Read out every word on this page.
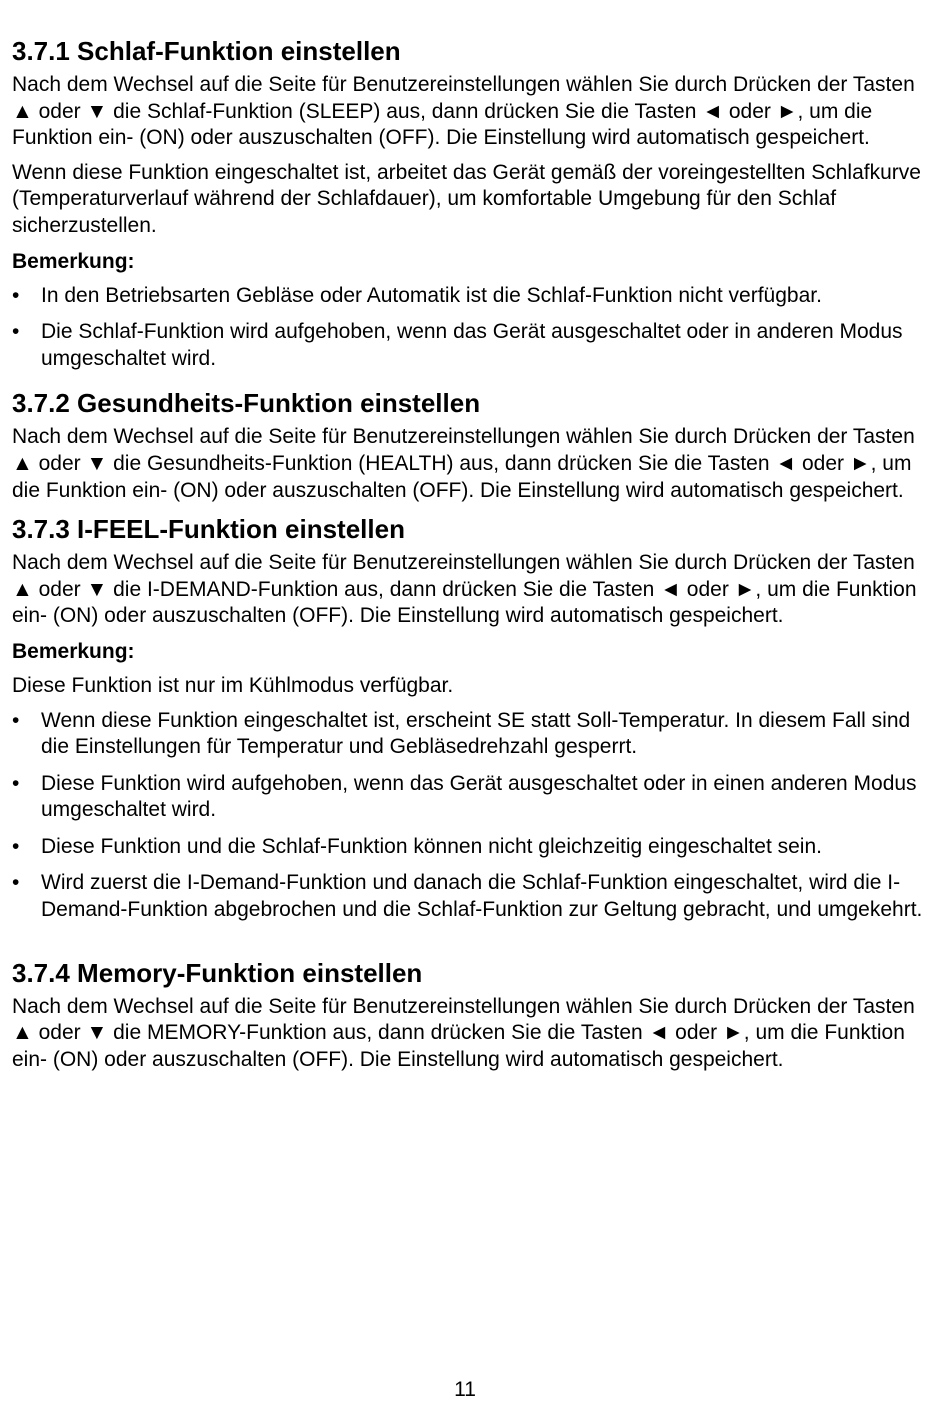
3.7.1 Schlaf-Funktion einstellen

Nach dem Wechsel auf die Seite für Benutzereinstellungen wählen Sie durch Drücken der Tasten ▲ oder ▼ die Schlaf-Funktion (SLEEP) aus, dann drücken Sie die Tasten ◄ oder ►, um die Funktion ein- (ON) oder auszuschalten (OFF). Die Einstellung wird automatisch gespeichert.

Wenn diese Funktion eingeschaltet ist, arbeitet das Gerät gemäß der voreingestellten Schlafkurve (Temperaturverlauf während der Schlafdauer), um komfortable Umgebung für den Schlaf sicherzustellen.

Bemerkung:
• In den Betriebsarten Gebläse oder Automatik ist die Schlaf-Funktion nicht verfügbar.
• Die Schlaf-Funktion wird aufgehoben, wenn das Gerät ausgeschaltet oder in anderen Modus umgeschaltet wird.
3.7.2 Gesundheits-Funktion einstellen

Nach dem Wechsel auf die Seite für Benutzereinstellungen wählen Sie durch Drücken der Tasten ▲ oder ▼ die Gesundheits-Funktion (HEALTH) aus, dann drücken Sie die Tasten ◄ oder ►, um die Funktion ein- (ON) oder auszuschalten (OFF). Die Einstellung wird automatisch gespeichert.

3.7.3 I-FEEL-Funktion einstellen

Nach dem Wechsel auf die Seite für Benutzereinstellungen wählen Sie durch Drücken der Tasten ▲ oder ▼ die I-DEMAND-Funktion aus, dann drücken Sie die Tasten ◄ oder ►, um die Funktion ein- (ON) oder auszuschalten (OFF). Die Einstellung wird automatisch gespeichert.

Bemerkung:

Diese Funktion ist nur im Kühlmodus verfügbar.

• Wenn diese Funktion eingeschaltet ist, erscheint SE statt Soll-Temperatur. In diesem Fall sind die Einstellungen für Temperatur und Gebläsedrehzahl gesperrt.
• Diese Funktion wird aufgehoben, wenn das Gerät ausgeschaltet oder in einen anderen Modus umgeschaltet wird.
• Diese Funktion und die Schlaf-Funktion können nicht gleichzeitig eingeschaltet sein.
• Wird zuerst die I-Demand-Funktion und danach die Schlaf-Funktion eingeschaltet, wird die I-Demand-Funktion abgebrochen und die Schlaf-Funktion zur Geltung gebracht, und umgekehrt.
3.7.4 Memory-Funktion einstellen

Nach dem Wechsel auf die Seite für Benutzereinstellungen wählen Sie durch Drücken der Tasten ▲ oder ▼ die MEMORY-Funktion aus, dann drücken Sie die Tasten ◄ oder ►, um die Funktion ein- (ON) oder auszuschalten (OFF). Die Einstellung wird automatisch gespeichert.

11
